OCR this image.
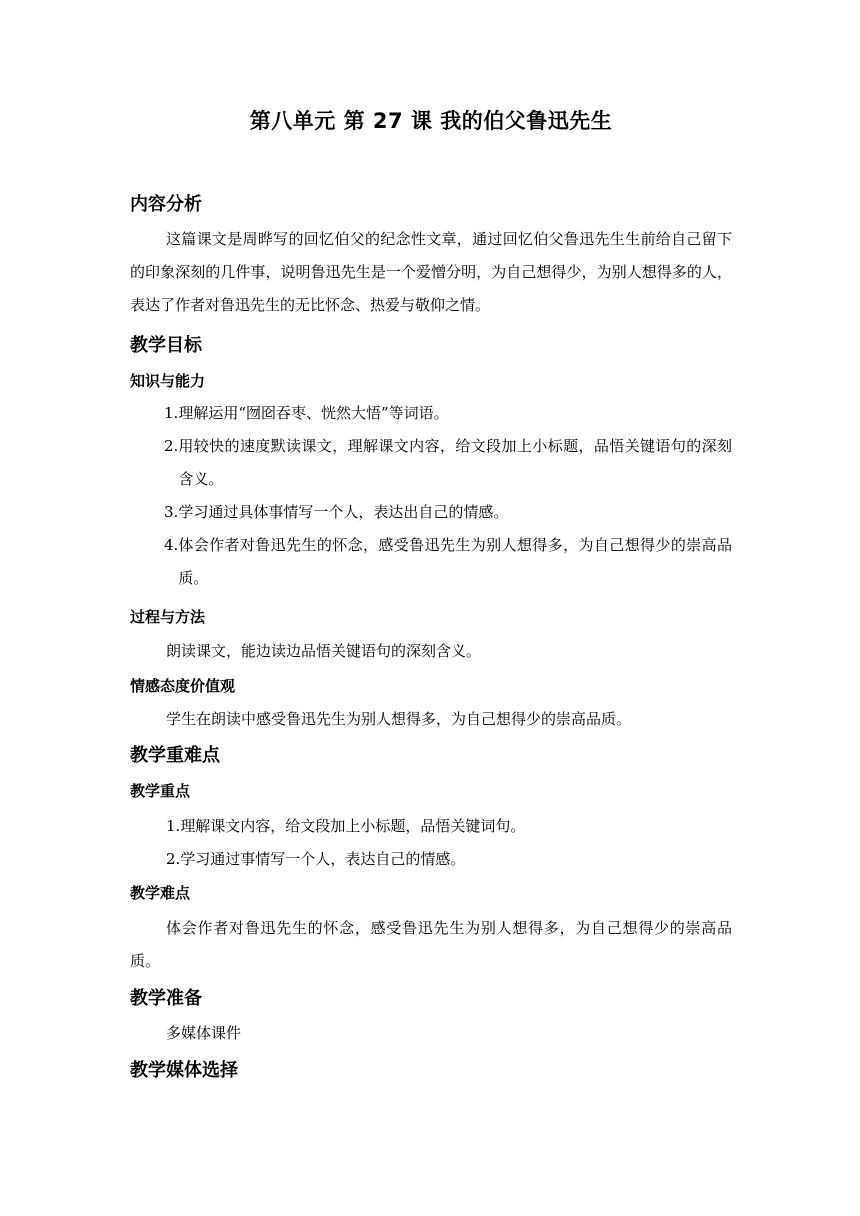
第八单元 第 27 课 我的伯父鲁迅先生
内容分析

这篇课文是周晔写的回忆伯父的纪念性文章，通过回忆伯父鲁迅先生生前给自己留下的印象深刻的几件事，说明鲁迅先生是一个爱憎分明，为自己想得少，为别人想得多的人，表达了作者对鲁迅先生的无比怀念、热爱与敬仰之情。

教学目标
知识与能力
1. 理解运用“囫囵吞枣、恍然大悟”等词语。
2. 用较快的速度默读课文，理解课文内容，给文段加上小标题，品悟关键语句的深刻含义。
3. 学习通过具体事情写一个人，表达出自己的情感。
4. 体会作者对鲁迅先生的怀念，感受鲁迅先生为别人想得多，为自己想得少的崇高品质。
过程与方法

朗读课文，能边读边品悟关键语句的深刻含义。

情感态度价值观

学生在朗读中感受鲁迅先生为别人想得多，为自己想得少的崇高品质。

教学重难点
教学重点

1.理解课文内容，给文段加上小标题，品悟关键词句。

2.学习通过事情写一个人，表达自己的情感。

教学难点

体会作者对鲁迅先生的怀念，感受鲁迅先生为别人想得多，为自己想得少的崇高品质。

教学准备

多媒体课件

教学媒体选择
